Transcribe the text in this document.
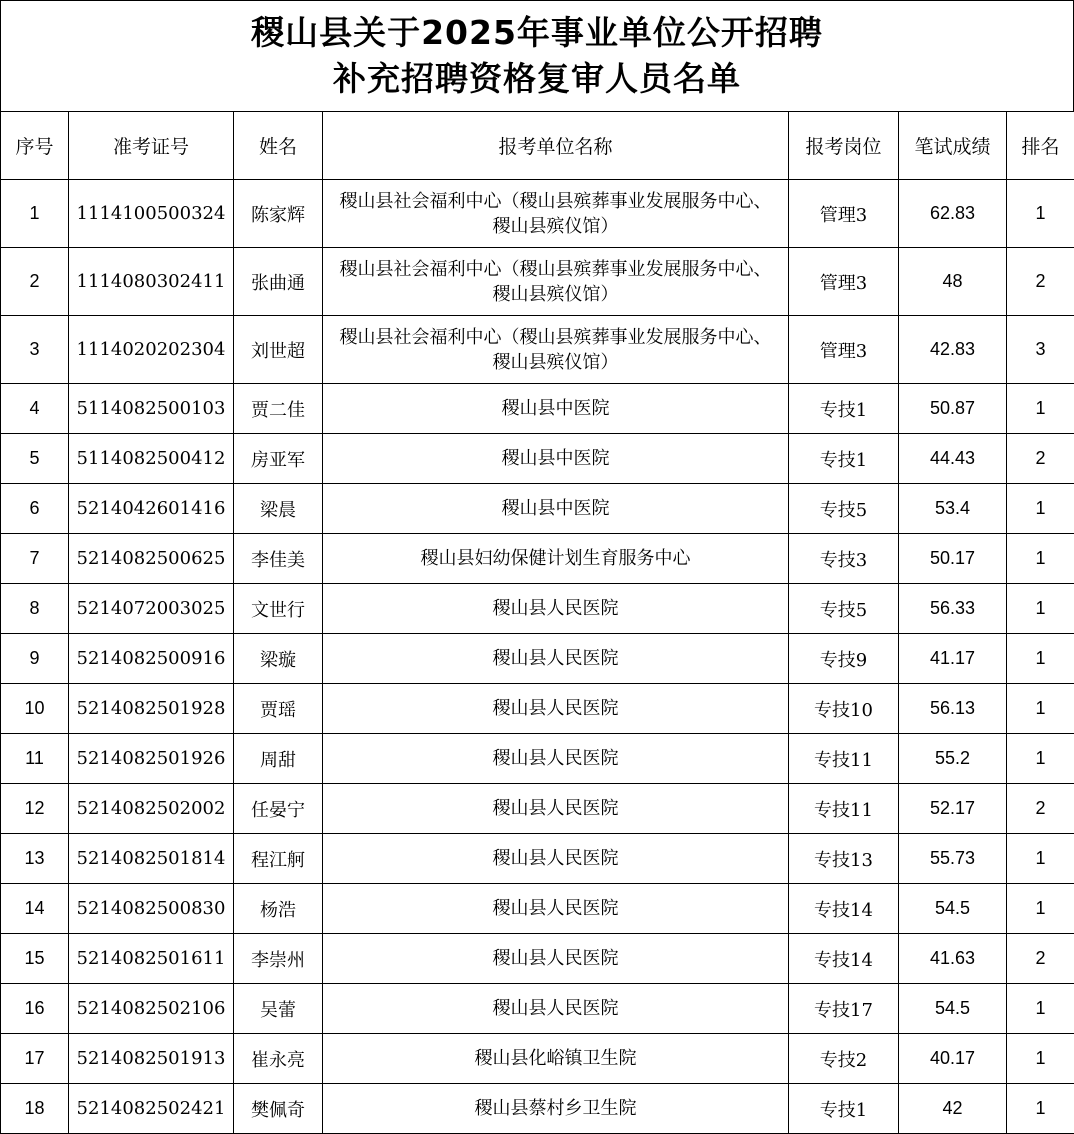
稷山县关于2025年事业单位公开招聘
补充招聘资格复审人员名单
序号	准考证号	姓名	报考单位名称	报考岗位	笔试成绩	排名
1	1114100500324	陈家辉	稷山县社会福利中心（稷山县殡葬事业发展服务中心、稷山县殡仪馆）	管理3	62.83	1
2	1114080302411	张曲通	稷山县社会福利中心（稷山县殡葬事业发展服务中心、稷山县殡仪馆）	管理3	48	2
3	1114020202304	刘世超	稷山县社会福利中心（稷山县殡葬事业发展服务中心、稷山县殡仪馆）	管理3	42.83	3
4	5114082500103	贾二佳	稷山县中医院	专技1	50.87	1
5	5114082500412	房亚军	稷山县中医院	专技1	44.43	2
6	5214042601416	梁晨	稷山县中医院	专技5	53.4	1
7	5214082500625	李佳美	稷山县妇幼保健计划生育服务中心	专技3	50.17	1
8	5214072003025	文世行	稷山县人民医院	专技5	56.33	1
9	5214082500916	梁璇	稷山县人民医院	专技9	41.17	1
10	5214082501928	贾瑶	稷山县人民医院	专技10	56.13	1
11	5214082501926	周甜	稷山县人民医院	专技11	55.2	1
12	5214082502002	任晏宁	稷山县人民医院	专技11	52.17	2
13	5214082501814	程江舸	稷山县人民医院	专技13	55.73	1
14	5214082500830	杨浩	稷山县人民医院	专技14	54.5	1
15	5214082501611	李崇州	稷山县人民医院	专技14	41.63	2
16	5214082502106	吴蕾	稷山县人民医院	专技17	54.5	1
17	5214082501913	崔永亮	稷山县化峪镇卫生院	专技2	40.17	1
18	5214082502421	樊佩奇	稷山县蔡村乡卫生院	专技1	42	1
